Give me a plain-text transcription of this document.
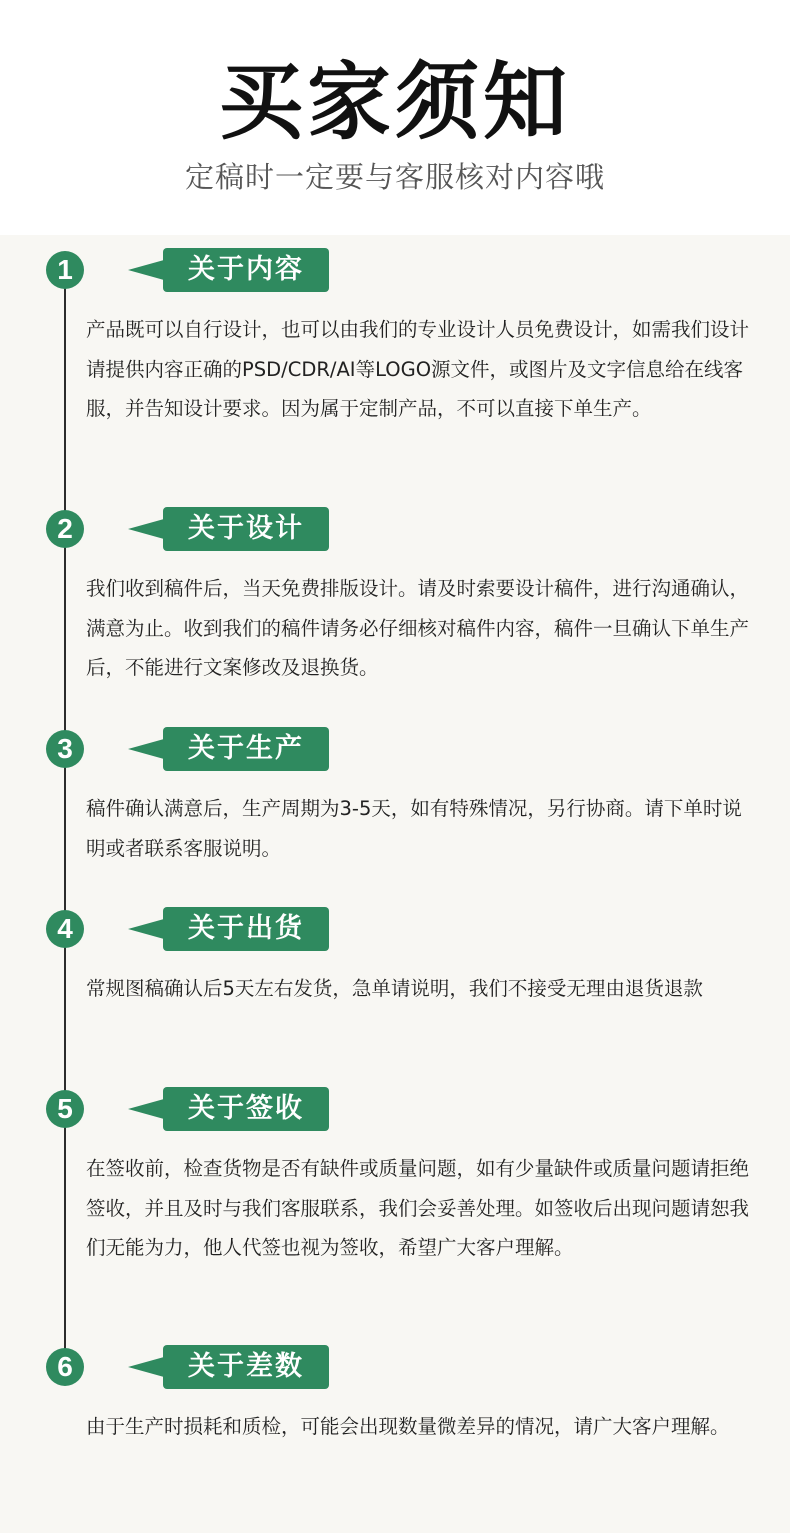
买家须知
定稿时一定要与客服核对内容哦
1	关于内容
产品既可以自行设计，也可以由我们的专业设计人员免费设计，如需我们设计请提供内容正确的PSD/CDR/AI等LOGO源文件，或图片及文字信息给在线客服，并告知设计要求。因为属于定制产品，不可以直接下单生产。
2	关于设计
我们收到稿件后，当天免费排版设计。请及时索要设计稿件，进行沟通确认，满意为止。收到我们的稿件请务必仔细核对稿件内容，稿件一旦确认下单生产后，不能进行文案修改及退换货。
3	关于生产
稿件确认满意后，生产周期为3-5天，如有特殊情况，另行协商。请下单时说明或者联系客服说明。
4	关于出货
常规图稿确认后5天左右发货，急单请说明，我们不接受无理由退货退款
5	关于签收
在签收前，检查货物是否有缺件或质量问题，如有少量缺件或质量问题请拒绝签收，并且及时与我们客服联系，我们会妥善处理。如签收后出现问题请恕我们无能为力，他人代签也视为签收，希望广大客户理解。
6	关于差数
由于生产时损耗和质检，可能会出现数量微差异的情况，请广大客户理解。
